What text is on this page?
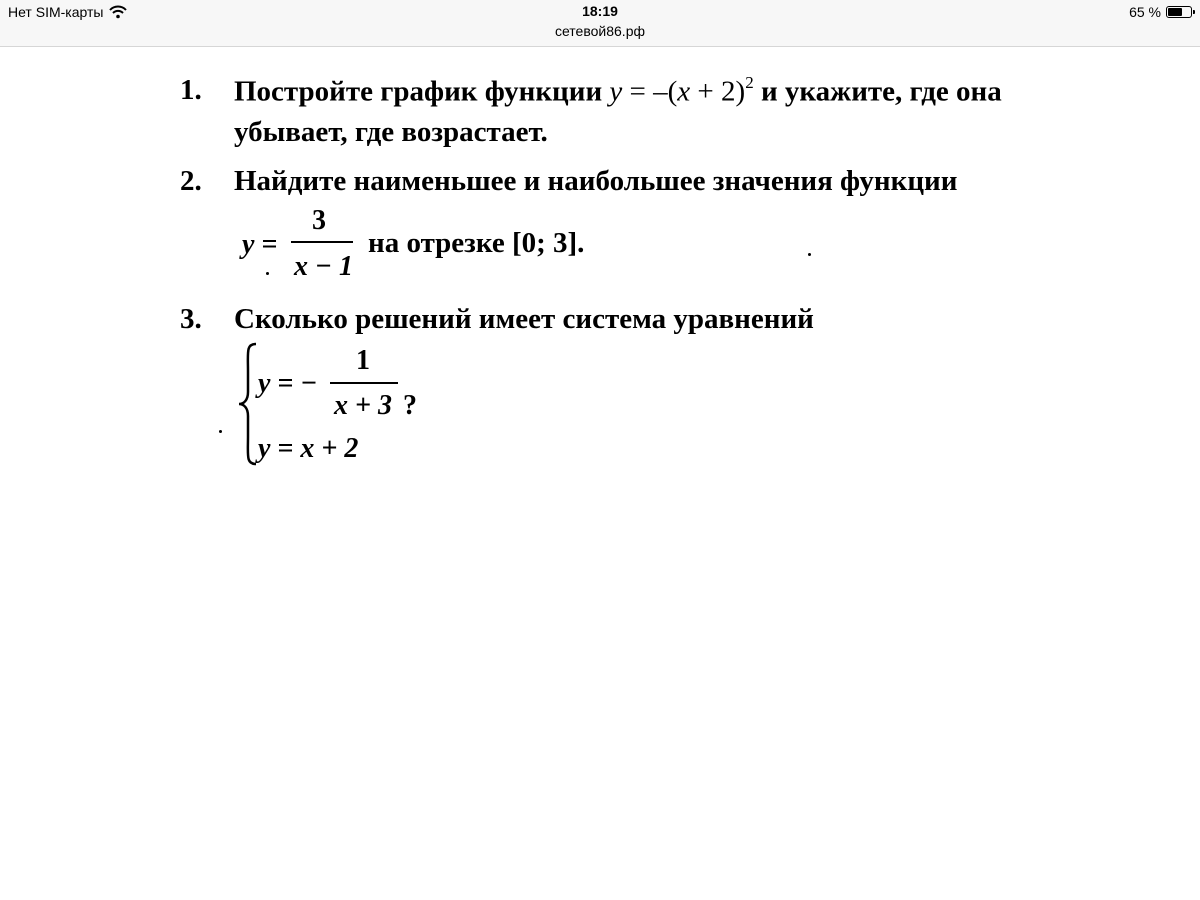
Нет SIM-карты	18:19
сетевой86.рф
65 %
1. Постройте график функции $y = -(x + 2)^2$ и укажите, где она
убывает, где возрастает.
2. Найдите наименьшее и наибольшее значения функции
y =
3
x − 1
на отрезке [0; 3].
3. Сколько решений имеет система уравнений
y = −
1
x + 3 ?
y = x + 2
